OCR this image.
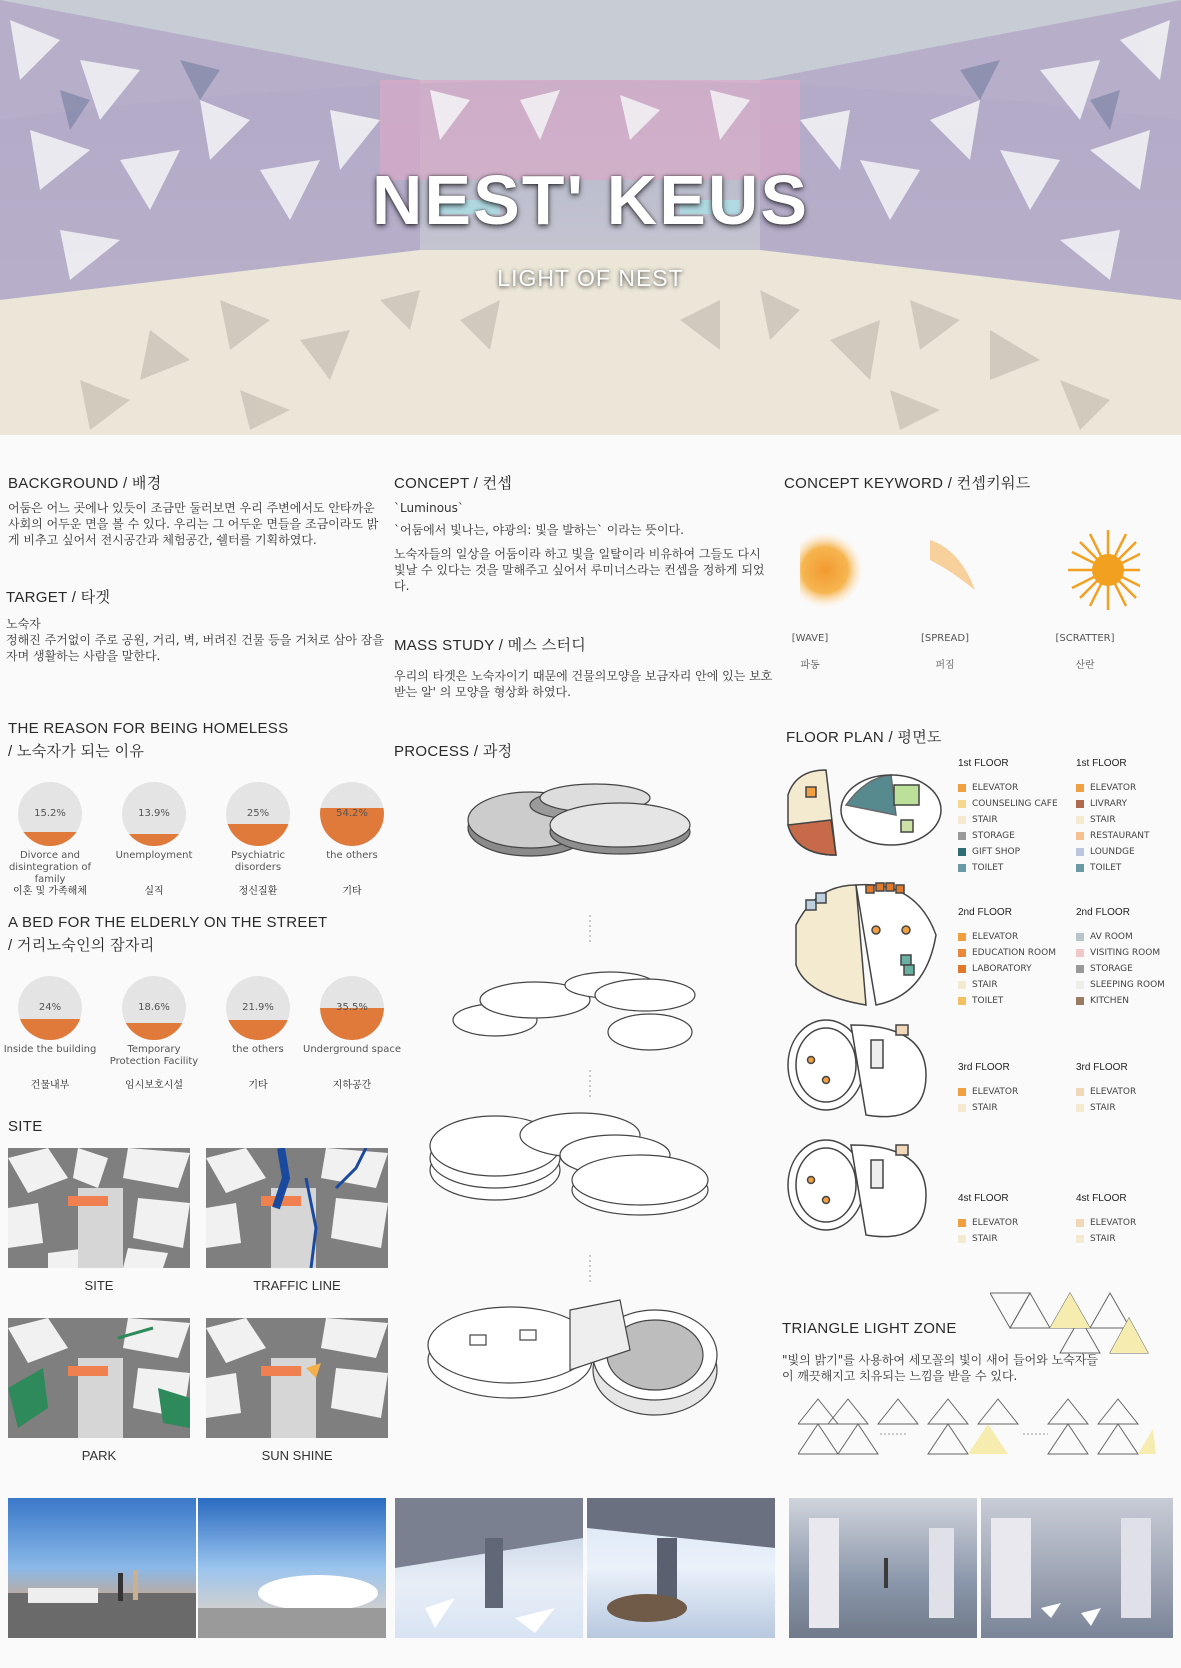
NEST' KEUS
LIGHT OF NEST
BACKGROUND / 배경
어둠은 어느 곳에나 있듯이 조금만 둘러보면 우리 주변에서도 안타까운 사회의 어두운 면을 볼 수 있다. 우리는 그 어두운 면들을 조금이라도 밝게 비추고 싶어서 전시공간과 체험공간, 쉘터를 기획하였다.
TARGET / 타겟
노숙자
정해진 주거없이 주로 공원, 거리, 벽, 버려진 건물 등을 거처로 삼아 잠을 자며 생활하는 사람을 말한다.
THE REASON FOR BEING HOMELESS
/ 노숙자가 되는 이유
15.2%
Divorce and disintegration of family
이혼 및 가족해체
13.9%
Unemployment
실직
25%
Psychiatric disorders
정신질환
54.2%
the others
기타
A BED FOR THE ELDERLY ON THE STREET
/ 거리노숙인의 잠자리
24%
Inside the building
건물내부
18.6%
Temporary Protection Facility
임시보호시설
21.9%
the others
기타
35.5%
Underground space
지하공간
SITE
SITE	TRAFFIC LINE
PARK	SUN SHINE
CONCEPT / 컨셉
`Luminous`
`어둠에서 빛나는, 야광의: 빛을 발하는` 이라는 뜻이다.
노숙자들의 일상을 어둠이라 하고 빛을 일탈이라 비유하여 그들도 다시 빛날 수 있다는 것을 말해주고 싶어서 루미너스라는 컨셉을 정하게 되었다.
MASS STUDY / 메스 스터디
우리의 타겟은 노숙자이기 때문에 건물의모양을 보금자리 안에 있는 보호받는 알' 의 모양을 형상화 하였다.
PROCESS / 과정
CONCEPT KEYWORD / 컨셉키워드
[WAVE]
파동
[SPREAD]
퍼짐
[SCRATTER]
산란
FLOOR PLAN / 평면도
1st FLOOR
ELEVATOR
COUNSELING CAFE
STAIR
STORAGE
GIFT SHOP
TOILET
1st FLOOR
ELEVATOR
LIVRARY
STAIR
RESTAURANT
LOUNDGE
TOILET
2nd FLOOR
ELEVATOR
EDUCATION ROOM
LABORATORY
STAIR
TOILET
2nd FLOOR
AV ROOM
VISITING ROOM
STORAGE
SLEEPING ROOM
KITCHEN
3rd FLOOR
ELEVATOR
STAIR
3rd FLOOR
ELEVATOR
STAIR
4st FLOOR
ELEVATOR
STAIR
4st FLOOR
ELEVATOR
STAIR
TRIANGLE LIGHT ZONE
"빛의 밝기"를 사용하여 세모꼴의 빛이 새어 들어와 노숙자들이 깨끗해지고 치유되는 느낌을 받을 수 있다.
